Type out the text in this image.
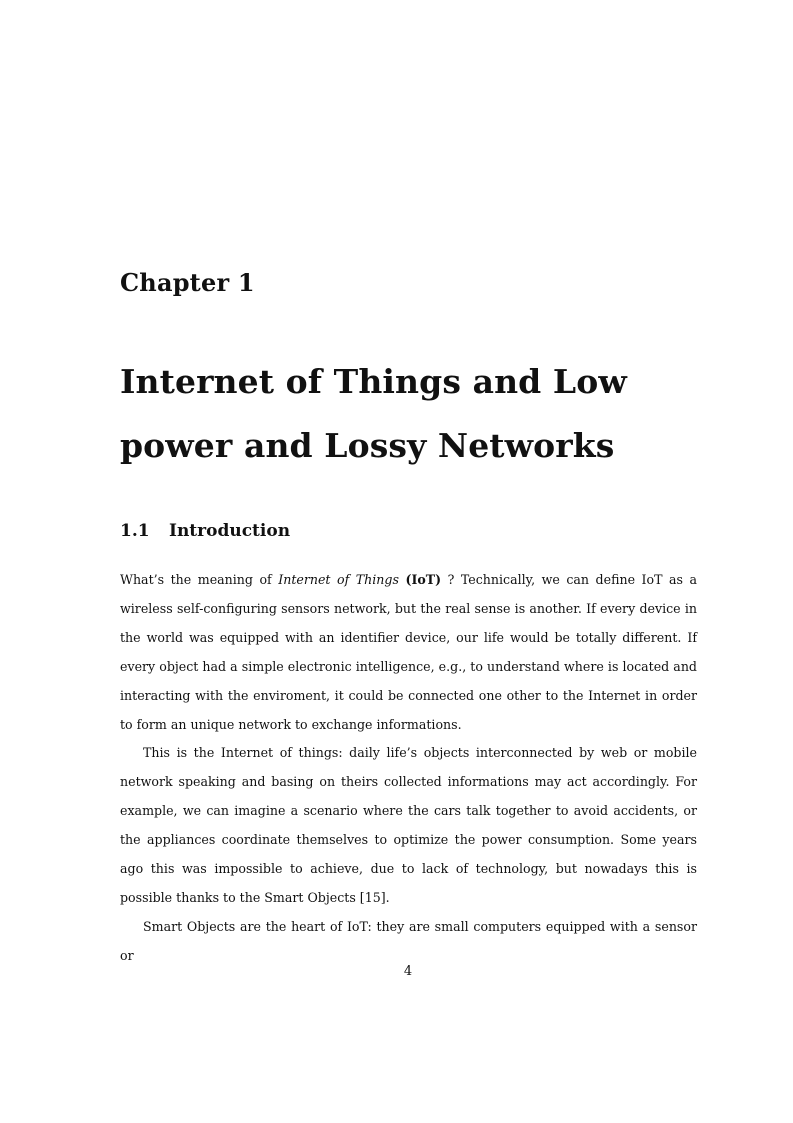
Chapter 1
Internet of Things and Low power and Lossy Networks
1.1 Introduction

What’s the meaning of Internet of Things (IoT) ? Technically, we can define IoT as a wireless self-configuring sensors network, but the real sense is another. If every device in the world was equipped with an identifier device, our life would be totally different. If every object had a simple electronic intelligence, e.g., to understand where is located and interacting with the enviroment, it could be connected one other to the Internet in order to form an unique network to exchange informations.

This is the Internet of things: daily life’s objects interconnected by web or mobile network speaking and basing on theirs collected informations may act accordingly. For example, we can imagine a scenario where the cars talk together to avoid accidents, or the appliances coordinate themselves to optimize the power consumption. Some years ago this was impossible to achieve, due to lack of technology, but nowadays this is possible thanks to the Smart Objects [15].

Smart Objects are the heart of IoT: they are small computers equipped with a sensor or

4
